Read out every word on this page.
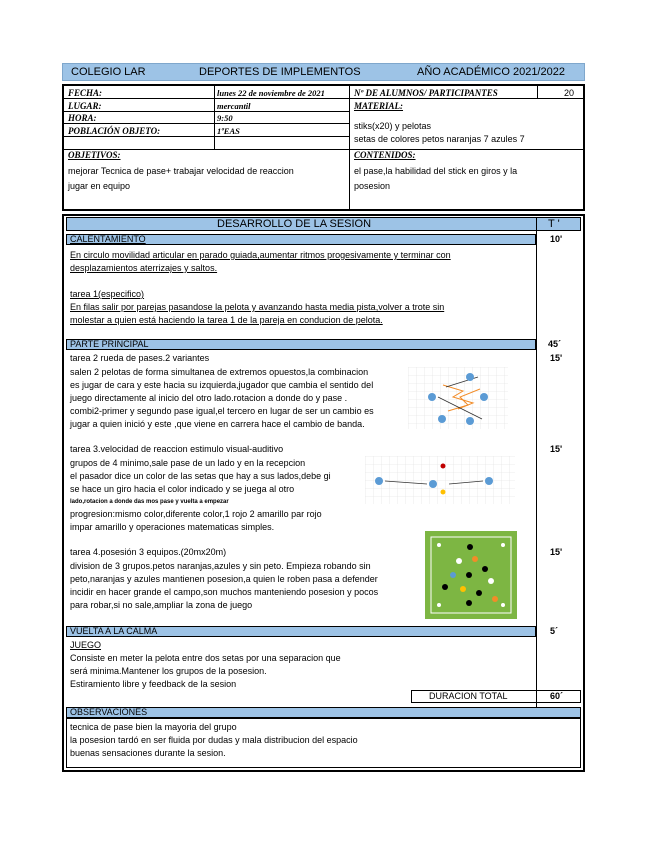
COLEGIO LAR	DEPORTES DE IMPLEMENTOS	AÑO ACADÉMICO 2021/2022
FECHA:	lunes 22 de noviembre de 2021
LUGAR:	mercantil
HORA:	9:50
POBLACIÓN OBJETO:	1ºEAS
Nº DE ALUMNOS/ PARTICIPANTES	20
MATERIAL:
stiks(x20) y pelotas
setas de colores petos naranjas 7 azules 7
OBJETIVOS:
mejorar Tecnica de pase+ trabajar velocidad de reaccion
jugar en equipo
CONTENIDOS:
el pase,la habilidad del stick en giros y la
posesion
DESARROLLO DE LA SESION	T '
CALENTAMIENTO	10'
En circulo movilidad articular en parado guiada,aumentar ritmos progesivamente y terminar con
desplazamientos aterrizajes y saltos.
tarea 1(especifico)
En filas salir por parejas pasandose la pelota y avanzando hasta media pista,volver a trote sin
molestar a quien está haciendo la tarea 1 de la pareja en conducion de pelota.
PARTE PRINCIPAL	45´
tarea 2 rueda de pases.2 variantes
salen 2 pelotas de forma simultanea de extremos opuestos,la combinacion
es jugar de cara y este hacia su izquierda,jugador que cambia el sentido del
juego directamente al inicio del otro lado.rotacion a donde do y pase .
combi2-primer y segundo pase igual,el tercero en lugar de ser un cambio es
jugar a quien inició y este ,que viene en carrera hace el cambio de banda.
15'
tarea 3.velocidad de reaccion estimulo visual-auditivo
grupos de 4 minimo,sale pase de un lado y en la recepcion
el pasador dice un color de las setas que hay a sus lados,debe gi
se hace un giro hacia el color indicado y se juega al otro
lado,rotacion a donde das mos pase y vuelta a empezar
progresion:mismo color,diferente color,1 rojo 2 amarillo par rojo
impar amarillo y operaciones matematicas simples.
15'
tarea 4.posesión 3 equipos.(20mx20m)
division de 3 grupos.petos naranjas,azules y sin peto. Empieza robando sin
peto,naranjas y azules mantienen posesion,a quien le roben pasa a defender
incidir en hacer grande el campo,son muchos manteniendo posesion y pocos
para robar,si no sale,ampliar la zona de juego
15'
VUELTA A LA CALMA	5´
JUEGO
Consiste en meter la pelota entre dos setas por una separacion que
será minima.Mantener los grupos de la posesion.
Estiramiento libre y feedback de la sesion
DURACION TOTAL	60´
OBSERVACIONES
tecnica de pase bien la mayoria del grupo
la posesion tardó en ser fluida por dudas y mala distribucion del espacio
buenas sensaciones durante la sesion.
